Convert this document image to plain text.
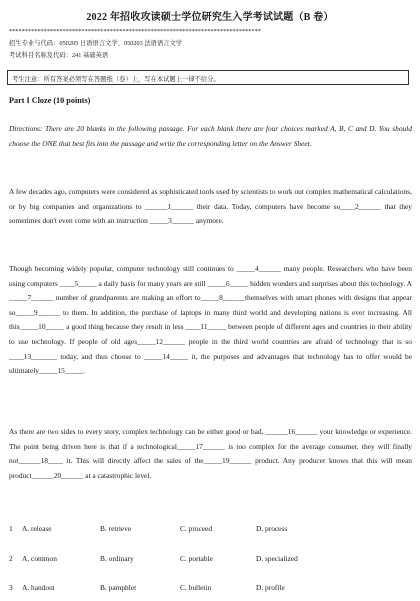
2022 年招收攻读硕士学位研究生入学考试试题（B 卷）
********************************************************************************
招生专业与代码：050205 日语语言文学、050203 法语语言文学
考试科目名称及代码：241 基础英语
考生注意：所有答案必须写在答题纸（卷）上，写在本试题上一律不给分。
Part I Cloze (10 points)

Directions: There are 20 blanks in the following passage. For each blank there are four choices marked A, B, C and D. You should choose the ONE that best fits into the passage and write the corresponding letter on the Answer Sheet.

A few decades ago, computers were considered as sophisticated tools used by scientists to work out complex mathematical calculations, or by big companies and organizations to ______1______ their data. Today, computers have become so____2______ that they sometimes don't even come with an instruction _____3______ anymore.

Though becoming widely popular, computer technology still continues to _____4______ many people. Researchers who have been using computers ____5_____ a daily basis for many years are still _____6_____ hidden wonders and surprises about this technology. A _____7______ number of grandparents are making an effort to_____8______themselves with smart phones with designs that appear so_____9______ to them. In addition, the purchase of laptops in many third world and developing nations is ever increasing. All this_____10_____ a good thing because they result in less ____11_____ between people of different ages and countries in their ability to use technology. If people of old ages_____12______ people in the third world countries are afraid of technology that is so ____13_______ today, and thus choose to _____14_____ it, the purposes and advantages that technology has to offer would be ultimately_____15_____.

As there are two sides to every story, complex technology can be either good or bad, ______16______ your knowledge or experience. The point being driven here is that if a technological_____17______ is too complex for the average consumer, they will finally not______18____ it. This will directly affect the sales of the_____19______ product. Any producer knows that this will mean product______20______ at a catastrophic level.

1 A. release	B. retrieve	C. proceed	D. process
2 A. common	B. ordinary	C. portable	D. specialized
3 A. handout	B. pamphlet	C. bulletin	D. profile
